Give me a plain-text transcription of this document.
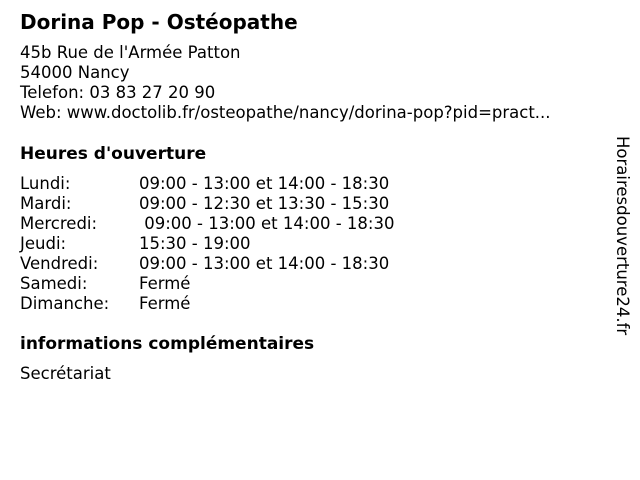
Dorina Pop - Ostéopathe
45b Rue de l'Armée Patton
54000 Nancy
Telefon: 03 83 27 20 90
Web: www.doctolib.fr/osteopathe/nancy/dorina-pop?pid=pract...
Heures d'ouverture
Lundi:	09:00 - 13:00 et 14:00 - 18:30
Mardi:	09:00 - 12:30 et 13:30 - 15:30
Mercredi:	09:00 - 13:00 et 14:00 - 18:30
Jeudi:	15:30 - 19:00
Vendredi: 09:00 - 13:00 et 14:00 - 18:30
Samedi:	Fermé
Dimanche: Fermé
informations complémentaires
Secrétariat
Horairesdouverture24.fr
